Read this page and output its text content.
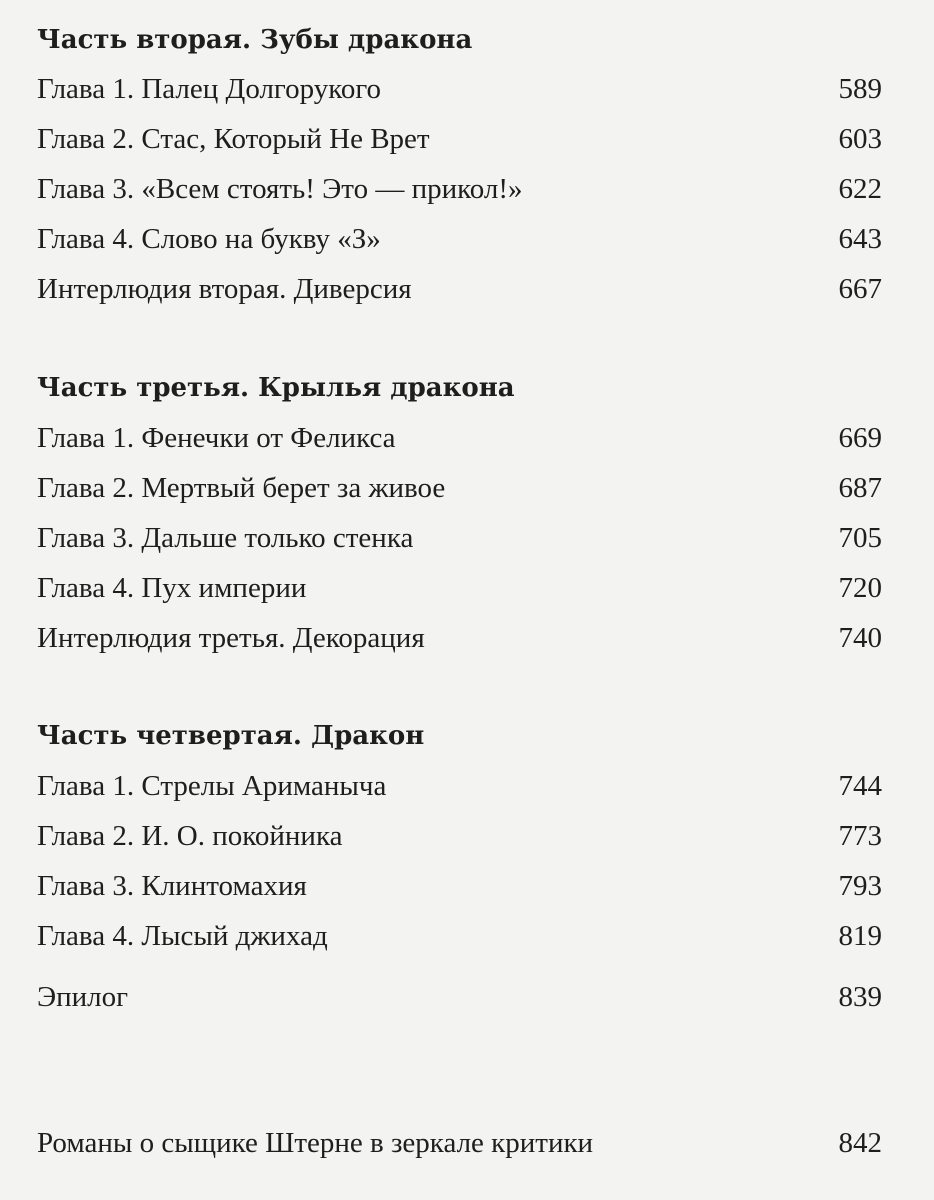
Часть вторая. Зубы дракона
Глава 1. Палец Долгорукого	589
Глава 2. Стас, Который Не Врет	603
Глава 3. «Всем стоять! Это — прикол!»	622
Глава 4. Слово на букву «З»	643
Интерлюдия вторая. Диверсия	667
Часть третья. Крылья дракона
Глава 1. Фенечки от Феликса	669
Глава 2. Мертвый берет за живое	687
Глава 3. Дальше только стенка	705
Глава 4. Пух империи	720
Интерлюдия третья. Декорация	740
Часть четвертая. Дракон
Глава 1. Стрелы Ариманыча	744
Глава 2. И. О. покойника	773
Глава 3. Клинтомахия	793
Глава 4. Лысый джихад	819
Эпилог	839
Романы о сыщике Штерне в зеркале критики	842
